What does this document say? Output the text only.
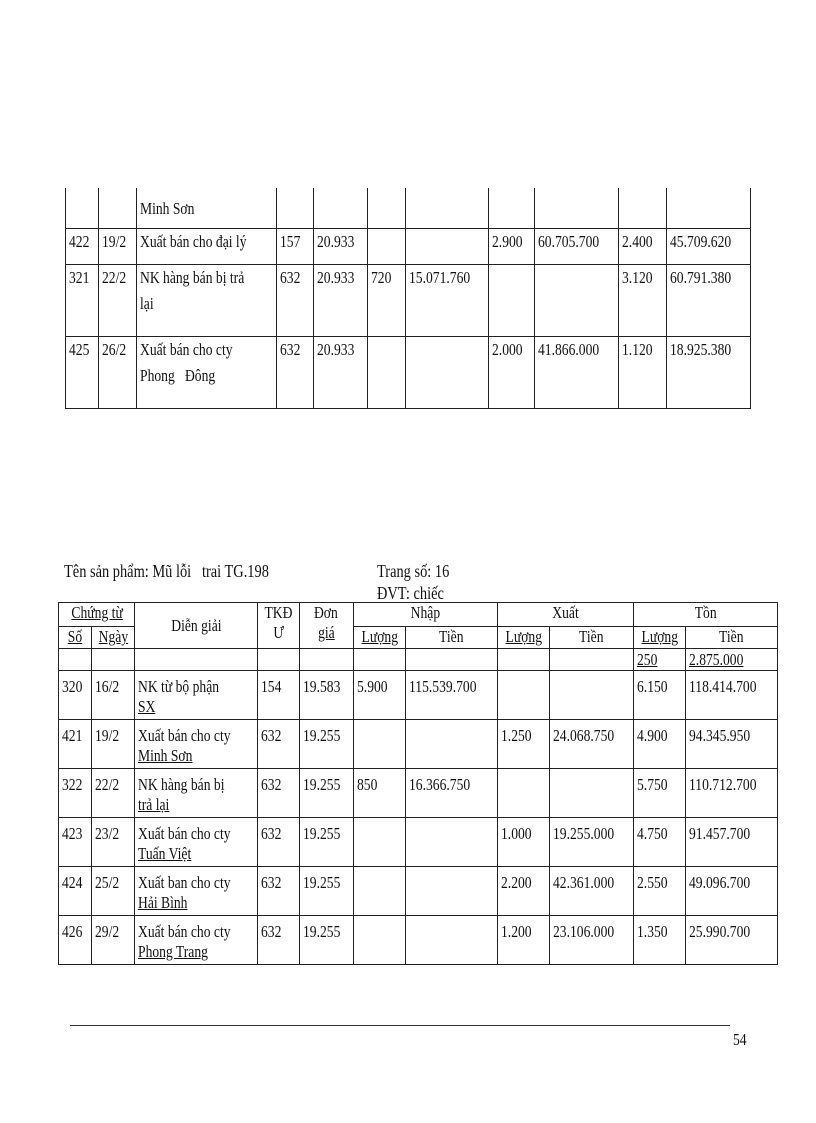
		Minh Sơn								
422	19/2	Xuất bán cho đại lý	157	20.933			2.900	60.705.700	2.400	45.709.620
321	22/2	NK hàng bán bị trả
lại	632	20.933	720	15.071.760			3.120	60.791.380
425	26/2	Xuất bán cho cty
Phong   Đông	632	20.933			2.000	41.866.000	1.120	18.925.380
Tên sản phẩm: Mũ lỗi   trai TG.198	Trang số: 16
ĐVT: chiếc
Chứng từ		Diễn giải	TKĐ
Ư	Đơn
giá	Nhập		Xuất		Tồn	
Số	Ngày				Lượng	Tiền	Lượng	Tiền	Lượng	Tiền
									250	2.875.000
320	16/2	NK từ bộ phận
SX	154	19.583	5.900	115.539.700			6.150	118.414.700
421	19/2	Xuất bán cho cty
Minh Sơn	632	19.255			1.250	24.068.750	4.900	94.345.950
322	22/2	NK hàng bán bị
trả lại	632	19.255	850	16.366.750			5.750	110.712.700
423	23/2	Xuất bán cho cty
Tuấn Việt	632	19.255			1.000	19.255.000	4.750	91.457.700
424	25/2	Xuất ban cho cty
Hải Bình	632	19.255			2.200	42.361.000	2.550	49.096.700
426	29/2	Xuất bán cho cty
Phong Trang	632	19.255			1.200	23.106.000	1.350	25.990.700
54
